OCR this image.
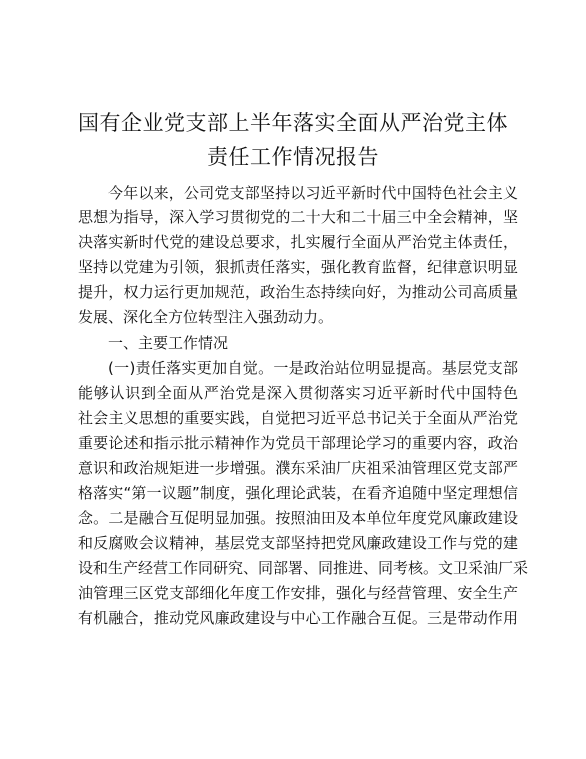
国有企业党支部上半年落实全面从严治党主体
责任工作情况报告

今年以来，公司党支部坚持以习近平新时代中国特色社会主义

思想为指导，深入学习贯彻党的二十大和二十届三中全会精神，坚

决落实新时代党的建设总要求，扎实履行全面从严治党主体责任，

坚持以党建为引领，狠抓责任落实，强化教育监督，纪律意识明显

提升，权力运行更加规范，政治生态持续向好，为推动公司高质量

发展、深化全方位转型注入强劲动力。

一、主要工作情况

(一)责任落实更加自觉。一是政治站位明显提高。基层党支部

能够认识到全面从严治党是深入贯彻落实习近平新时代中国特色

社会主义思想的重要实践，自觉把习近平总书记关于全面从严治党

重要论述和指示批示精神作为党员干部理论学习的重要内容，政治

意识和政治规矩进一步增强。濮东采油厂庆祖采油管理区党支部严

格落实“第一议题”制度，强化理论武装，在看齐追随中坚定理想信

念。二是融合互促明显加强。按照油田及本单位年度党风廉政建设

和反腐败会议精神，基层党支部坚持把党风廉政建设工作与党的建

设和生产经营工作同研究、同部署、同推进、同考核。文卫采油厂采

油管理三区党支部细化年度工作安排，强化与经营管理、安全生产

有机融合，推动党风廉政建设与中心工作融合互促。三是带动作用
